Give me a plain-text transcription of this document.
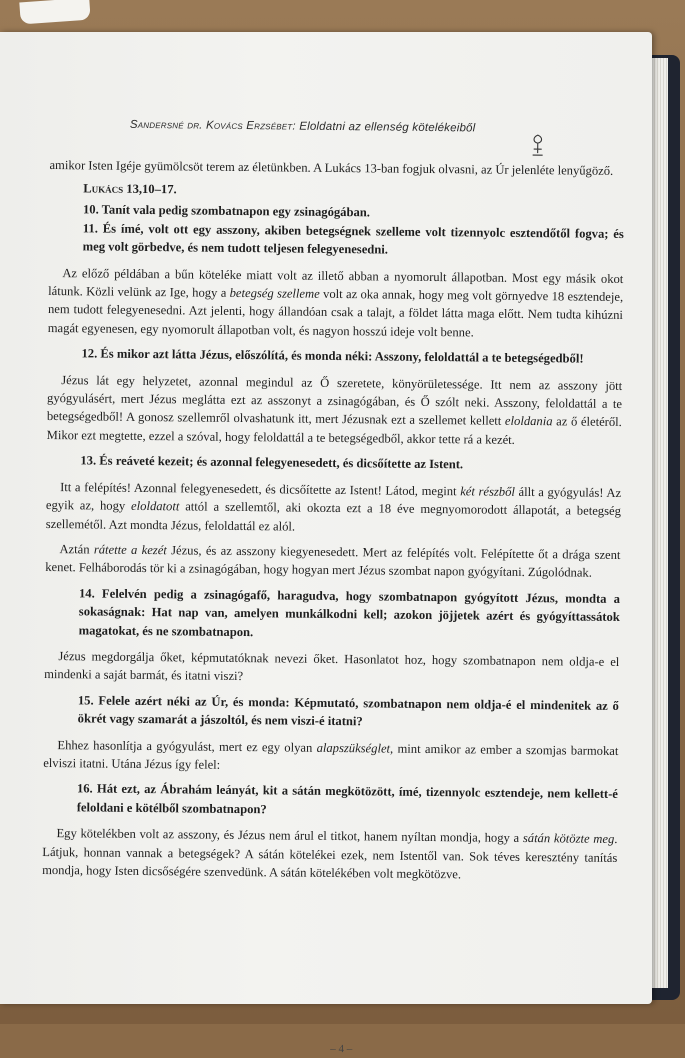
Sandersné dr. Kovács Erzsébet: Eloldatni az ellenség kötelékeiből

amikor Isten Igéje gyümölcsöt terem az életünkben. A Lukács 13-ban fogjuk olvasni, az Úr jelenléte lenyűgöző.

Lukács 13,10–17.

10. Tanít vala pedig szombatnapon egy zsinagógában.

11. És ímé, volt ott egy asszony, akiben betegségnek szelleme volt tizennyolc esztendőtől fogva; és meg volt görbedve, és nem tudott teljesen felegyenesedni.

Az előző példában a bűn köteléke miatt volt az illető abban a nyomorult állapotban. Most egy másik okot látunk. Közli velünk az Ige, hogy a betegség szelleme volt az oka annak, hogy meg volt görnyedve 18 esztendeje, nem tudott felegyenesedni. Azt jelenti, hogy állandóan csak a talajt, a földet látta maga előtt. Nem tudta kihúzni magát egyenesen, egy nyomorult állapotban volt, és nagyon hosszú ideje volt benne.

12. És mikor azt látta Jézus, előszólítá, és monda néki: Asszony, feloldattál a te betegségedből!

Jézus lát egy helyzetet, azonnal megindul az Ő szeretete, könyörületessége. Itt nem az asszony jött gyógyulásért, mert Jézus meglátta ezt az asszonyt a zsinagógában, és Ő szólt neki. Asszony, feloldattál a te betegségedből! A gonosz szellemről olvashatunk itt, mert Jézusnak ezt a szellemet kellett eloldania az ő életéről. Mikor ezt megtette, ezzel a szóval, hogy feloldattál a te betegségedből, akkor tette rá a kezét.

13. És reáveté kezeit; és azonnal felegyenesedett, és dicsőítette az Istent.

Itt a felépítés! Azonnal felegyenesedett, és dicsőítette az Istent! Látod, megint két részből állt a gyógyulás! Az egyik az, hogy eloldatott attól a szellemtől, aki okozta ezt a 18 éve megnyomorodott állapotát, a betegség szellemétől. Azt mondta Jézus, feloldattál ez alól.

Aztán rátette a kezét Jézus, és az asszony kiegyenesedett. Mert az felépítés volt. Felépítette őt a drága szent kenet. Felháborodás tör ki a zsinagógában, hogy hogyan mert Jézus szombat napon gyógyítani. Zúgolódnak.

14. Felelvén pedig a zsinagógafő, haragudva, hogy szombatnapon gyógyított Jézus, mondta a sokaságnak: Hat nap van, amelyen munkálkodni kell; azokon jöjjetek azért és gyógyíttassátok magatokat, és ne szombatnapon.

Jézus megdorgálja őket, képmutatóknak nevezi őket. Hasonlatot hoz, hogy szombatnapon nem oldja-e el mindenki a saját barmát, és itatni viszi?

15. Felele azért néki az Úr, és monda: Képmutató, szombatnapon nem oldja-é el mindenitek az ő ökrét vagy szamarát a jászoltól, és nem viszi-é itatni?

Ehhez hasonlítja a gyógyulást, mert ez egy olyan alapszükséglet, mint amikor az ember a szomjas barmokat elviszi itatni. Utána Jézus így felel:

16. Hát ezt, az Ábrahám leányát, kit a sátán megkötözött, ímé, tizennyolc esztendeje, nem kellett-é feloldani e kötélből szombatnapon?

Egy kötelékben volt az asszony, és Jézus nem árul el titkot, hanem nyíltan mondja, hogy a sátán kötözte meg. Látjuk, honnan vannak a betegségek? A sátán kötelékei ezek, nem Istentől van. Sok téves keresztény tanítás mondja, hogy Isten dicsőségére szenvedünk. A sátán kötelékében volt megkötözve.

– 4 –
